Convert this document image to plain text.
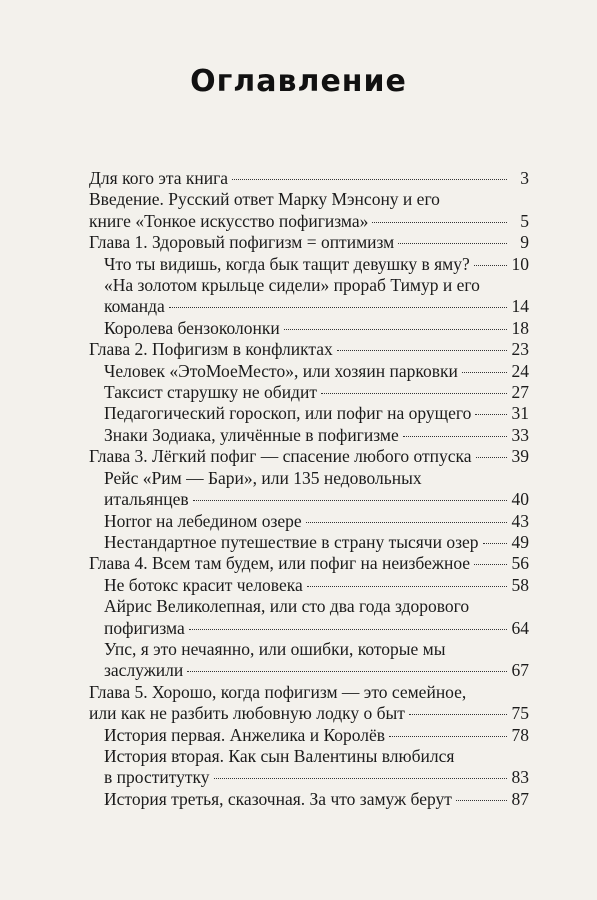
Оглавление
Для кого эта книга	3
Введение. Русский ответ Марку Мэнсону и его
книге «Тонкое искусство пофигизма»	5
Глава 1. Здоровый пофигизм = оптимизм	9
Что ты видишь, когда бык тащит девушку в яму? 10
«На золотом крыльце сидели» прораб Тимур и его
команда	14
Королева бензоколонки	18
Глава 2. Пофигизм в конфликтах	23
Человек «ЭтоМоеМесто», или хозяин парковки	24
Таксист старушку не обидит	27
Педагогический гороскоп, или пофиг на орущего 31
Знаки Зодиака, уличённые в пофигизме	33
Глава 3. Лёгкий пофиг — спасение любого отпуска 39
Рейс «Рим — Бари», или 135 недовольных
итальянцев	40
Horror на лебедином озере	43
Нестандартное путешествие в страну тысячи озер 49
Глава 4. Всем там будем, или пофиг на неизбежное 56
Не ботокс красит человека	58
Айрис Великолепная, или сто два года здорового
пофигизма	64
Упс, я это нечаянно, или ошибки, которые мы
заслужили	67
Глава 5. Хорошо, когда пофигизм — это семейное,
или как не разбить любовную лодку о быт	75
История первая. Анжелика и Королёв	78
История вторая. Как сын Валентины влюбился
в проститутку	83
История третья, сказочная. За что замуж берут	87
